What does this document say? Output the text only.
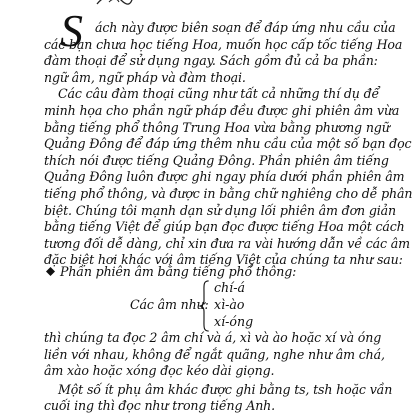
S ách này được biên soạn để đáp ứng nhu cầu của
các bạn chưa học tiếng Hoa, muốn học cấp tốc tiếng Hoa
đàm thoại để sử dụng ngay. Sách gồm đủ cả ba phần:
ngữ âm, ngữ pháp và đàm thoại.
Các câu đàm thoại cũng như tất cả những thí dụ để
minh họa cho phần ngữ pháp đều được ghi phiên âm vừa
bằng tiếng phổ thông Trung Hoa vừa bằng phương ngữ
Quảng Đông để đáp ứng thêm nhu cầu của một số bạn đọc
thích nói được tiếng Quảng Đông. Phần phiên âm tiếng
Quảng Đông luôn được ghi ngay phía dưới phần phiên âm
tiếng phổ thông, và được in bằng chữ nghiêng cho dễ phân
biệt. Chúng tôi mạnh dạn sử dụng lối phiên âm đơn giản
bằng tiếng Việt để giúp bạn đọc được tiếng Hoa một cách
tương đối dễ dàng, chỉ xin đưa ra vài hướng dẫn về các âm
đặc biệt hơi khác với âm tiếng Việt của chúng ta như sau:
Phần phiên âm bằng tiếng phổ thông:
Các âm như:
chí-á
xì-ào
xí-óng
thì chúng ta đọc 2 âm chí và á, xì và ào hoặc xí và óng
liền với nhau, không để ngắt quãng, nghe như âm chá,
âm xào hoặc xóng đọc kéo dài giọng.
Một số ít phụ âm khác được ghi bằng ts, tsh hoặc vần
cuối ing thì đọc như trong tiếng Anh.
